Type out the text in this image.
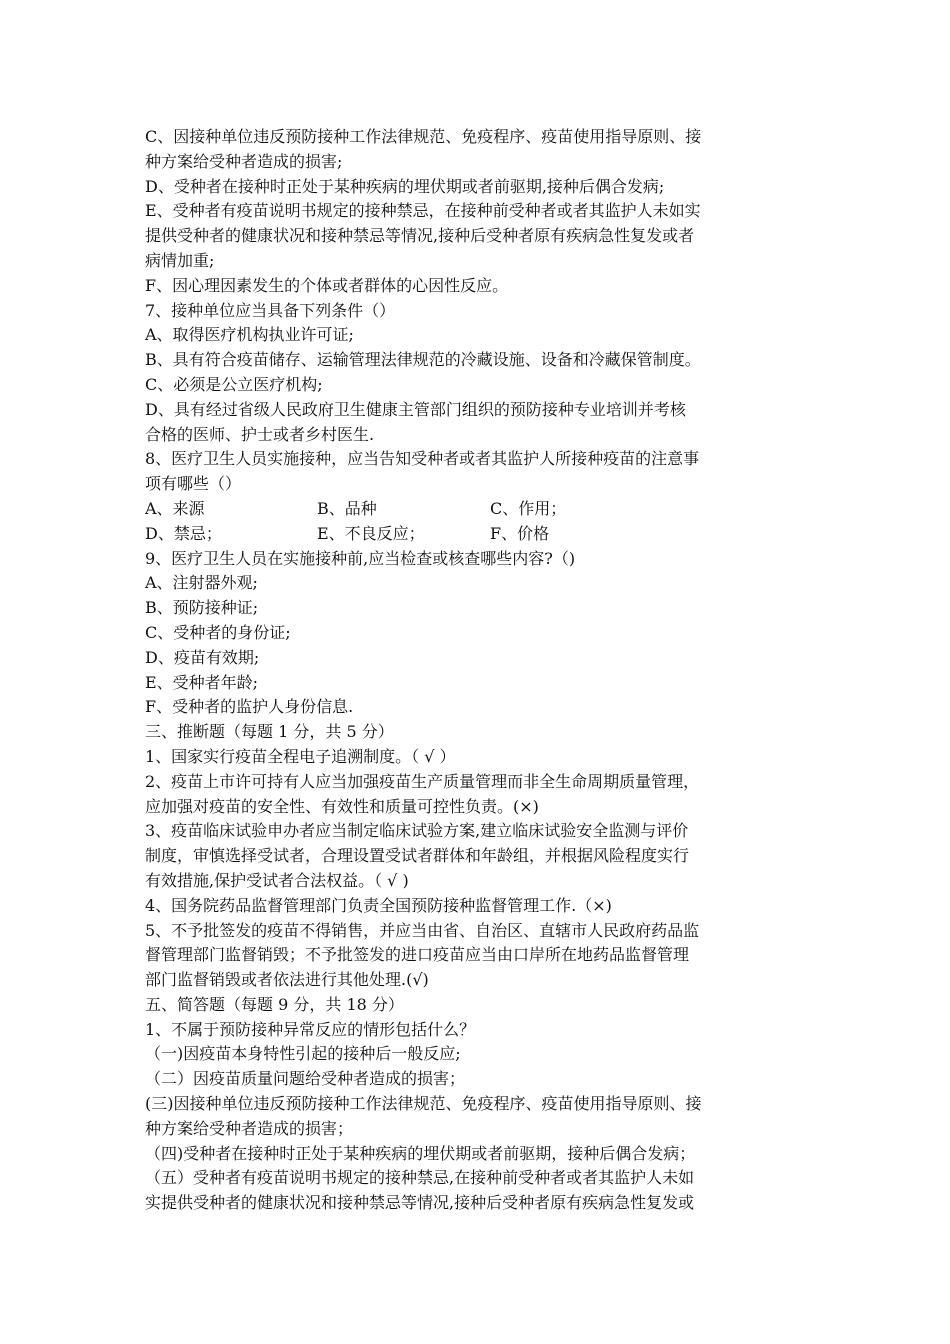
C、因接种单位违反预防接种工作法律规范、免疫程序、疫苗使用指导原则、接
种方案给受种者造成的损害;
D、受种者在接种时正处于某种疾病的埋伏期或者前驱期,接种后偶合发病;
E、受种者有疫苗说明书规定的接种禁忌，在接种前受种者或者其监护人未如实
提供受种者的健康状况和接种禁忌等情况,接种后受种者原有疾病急性复发或者
病情加重;
F、因心理因素发生的个体或者群体的心因性反应。
7、接种单位应当具备下列条件（）
A、取得医疗机构执业许可证;
B、具有符合疫苗储存、运输管理法律规范的冷藏设施、设备和冷藏保管制度。
C、必须是公立医疗机构;
D、具有经过省级人民政府卫生健康主管部门组织的预防接种专业培训并考核
合格的医师、护士或者乡村医生.
8、医疗卫生人员实施接种，应当告知受种者或者其监护人所接种疫苗的注意事
项有哪些（）
A、来源	B、品种	C、作用；
D、禁忌；	E、不良反应；	F、价格
9、医疗卫生人员在实施接种前,应当检查或核查哪些内容?（)
A、注射器外观;
B、预防接种证;
C、受种者的身份证;
D、疫苗有效期;
E、受种者年龄;
F、受种者的监护人身份信息.
三、推断题（每题 1 分，共 5 分）
1、国家实行疫苗全程电子追溯制度。（ √ ）
2、疫苗上市许可持有人应当加强疫苗生产质量管理而非全生命周期质量管理，
应加强对疫苗的安全性、有效性和质量可控性负责。(×)
3、疫苗临床试验申办者应当制定临床试验方案,建立临床试验安全监测与评价
制度，审慎选择受试者，合理设置受试者群体和年龄组，并根据风险程度实行
有效措施,保护受试者合法权益。（ √ )
4、国务院药品监督管理部门负责全国预防接种监督管理工作.（×)
5、不予批签发的疫苗不得销售，并应当由省、自治区、直辖市人民政府药品监
督管理部门监督销毁；不予批签发的进口疫苗应当由口岸所在地药品监督管理
部门监督销毁或者依法进行其他处理.(√)
五、简答题（每题 9 分，共 18 分）
1、不属于预防接种异常反应的情形包括什么？
（一)因疫苗本身特性引起的接种后一般反应;
（二）因疫苗质量问题给受种者造成的损害；
(三)因接种单位违反预防接种工作法律规范、免疫程序、疫苗使用指导原则、接
种方案给受种者造成的损害；
（四)受种者在接种时正处于某种疾病的埋伏期或者前驱期，接种后偶合发病；
（五）受种者有疫苗说明书规定的接种禁忌,在接种前受种者或者其监护人未如
实提供受种者的健康状况和接种禁忌等情况,接种后受种者原有疾病急性复发或
